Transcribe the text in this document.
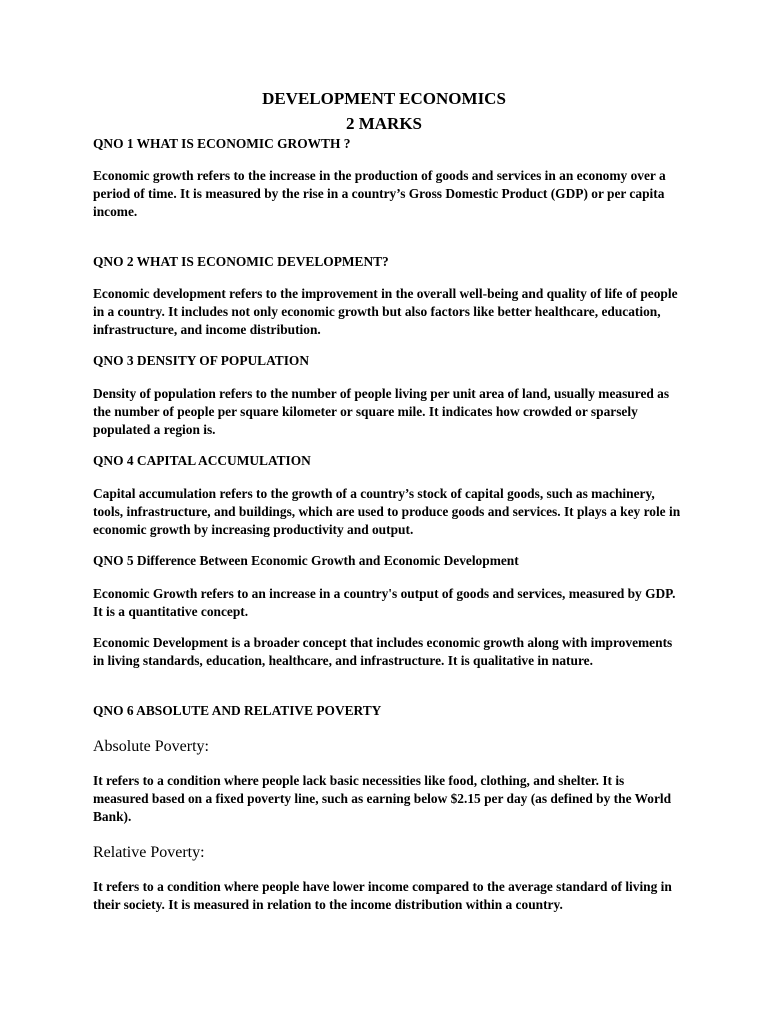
DEVELOPMENT ECONOMICS
2 MARKS

QNO 1 WHAT IS ECONOMIC GROWTH ?

Economic growth refers to the increase in the production of goods and services in an economy over a period of time. It is measured by the rise in a country’s Gross Domestic Product (GDP) or per capita income.

QNO 2 WHAT IS ECONOMIC DEVELOPMENT?

Economic development refers to the improvement in the overall well-being and quality of life of people in a country. It includes not only economic growth but also factors like better healthcare, education, infrastructure, and income distribution.

QNO 3 DENSITY OF POPULATION

Density of population refers to the number of people living per unit area of land, usually measured as the number of people per square kilometer or square mile. It indicates how crowded or sparsely populated a region is.

QNO 4 CAPITAL ACCUMULATION

Capital accumulation refers to the growth of a country’s stock of capital goods, such as machinery, tools, infrastructure, and buildings, which are used to produce goods and services. It plays a key role in economic growth by increasing productivity and output.

QNO 5 Difference Between Economic Growth and Economic Development

Economic Growth refers to an increase in a country's output of goods and services, measured by GDP. It is a quantitative concept.

Economic Development is a broader concept that includes economic growth along with improvements in living standards, education, healthcare, and infrastructure. It is qualitative in nature.

QNO 6 ABSOLUTE AND RELATIVE POVERTY

Absolute Poverty:

It refers to a condition where people lack basic necessities like food, clothing, and shelter. It is measured based on a fixed poverty line, such as earning below $2.15 per day (as defined by the World Bank).

Relative Poverty:

It refers to a condition where people have lower income compared to the average standard of living in their society. It is measured in relation to the income distribution within a country.
